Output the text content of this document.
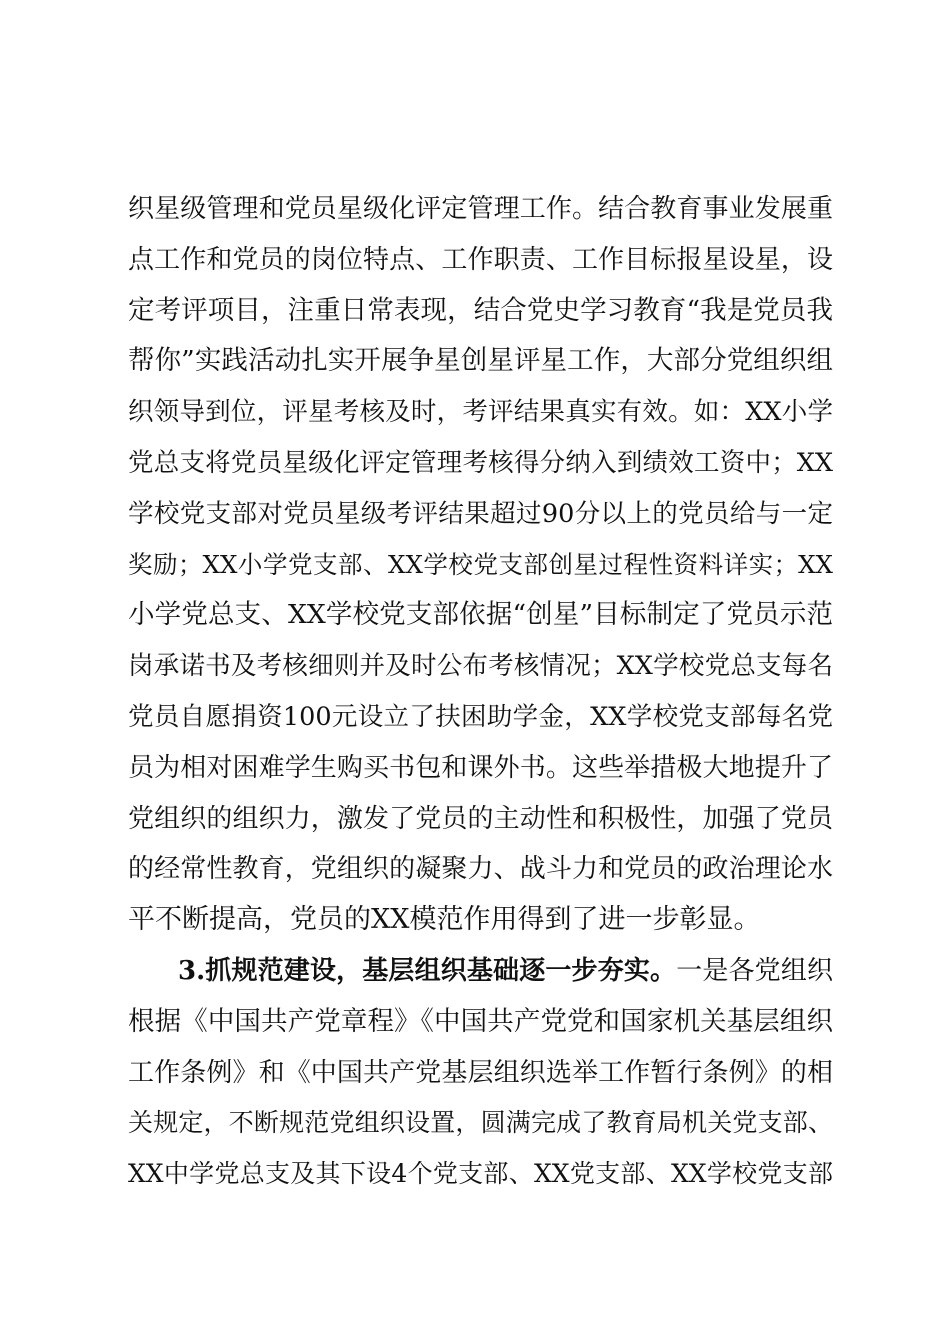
织星级管理和党员星级化评定管理工作。结合教育事业发展重
点工作和党员的岗位特点、工作职责、工作目标报星设星，设
定考评项目，注重日常表现，结合党史学习教育“我是党员我
帮你”实践活动扎实开展争星创星评星工作，大部分党组织组
织领导到位，评星考核及时，考评结果真实有效。如：XX小学
党总支将党员星级化评定管理考核得分纳入到绩效工资中；XX
学校党支部对党员星级考评结果超过90分以上的党员给与一定
奖励；XX小学党支部、XX学校党支部创星过程性资料详实；XX
小学党总支、XX学校党支部依据“创星”目标制定了党员示范
岗承诺书及考核细则并及时公布考核情况；XX学校党总支每名
党员自愿捐资100元设立了扶困助学金，XX学校党支部每名党
员为相对困难学生购买书包和课外书。这些举措极大地提升了
党组织的组织力，激发了党员的主动性和积极性，加强了党员
的经常性教育，党组织的凝聚力、战斗力和党员的政治理论水
平不断提高，党员的XX模范作用得到了进一步彰显。
3.抓规范建设，基层组织基础逐一步夯实。一是各党组织
根据《中国共产党章程》《中国共产党党和国家机关基层组织
工作条例》和《中国共产党基层组织选举工作暂行条例》的相
关规定，不断规范党组织设置，圆满完成了教育局机关党支部、
XX中学党总支及其下设4个党支部、XX党支部、XX学校党支部
